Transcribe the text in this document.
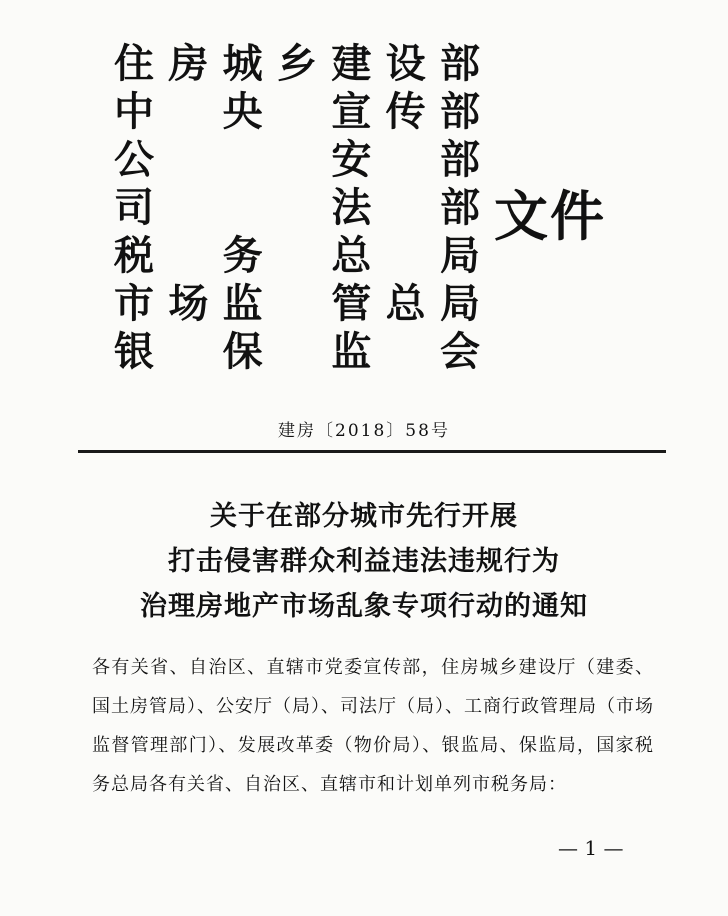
住 房 城 乡 建 设 部
中 央 宣 传 部
公	安 部
司	法 部
税 务 总 局
市 场 监 管 总 局
银 保 监 会
文件
建房〔2018〕58号
关于在部分城市先行开展
打击侵害群众利益违法违规行为
治理房地产市场乱象专项行动的通知
各有关省、自治区、直辖市党委宣传部，住房城乡建设厅（建委、国土房管局）、公安厅（局）、司法厅（局）、工商行政管理局（市场监督管理部门）、发展改革委（物价局）、银监局、保监局，国家税务总局各有关省、自治区、直辖市和计划单列市税务局：
— 1 —
